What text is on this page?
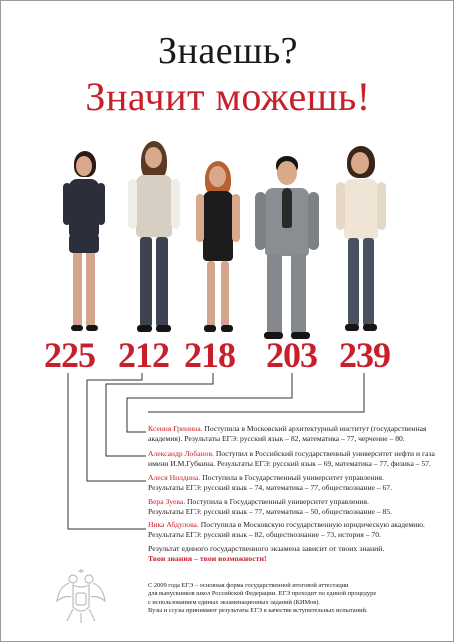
Знаешь?
Значит можешь!
225 212 218 203 239
Ксения Гринина. Поступила в Московский архитектурный институт (государственная
академия). Результаты ЕГЭ: русский язык – 82, математика – 77, черчение – 80.
Александр Лобанов. Поступил в Российский государственный университет нефти и газа
имени И.М.Губкина. Результаты ЕГЭ: русский язык – 69, математика – 77, физика – 57.
Алеся Нилдина. Поступила в Государственный университет управления.
Результаты ЕГЭ: русский язык – 74, математика – 77, обществознание – 67.
Вера Зуева. Поступила в Государственный университет управления.
Результаты ЕГЭ: русский язык – 77, математика – 50, обществознание – 85.
Ника Абдулова. Поступила в Московскую государственную юридическую академию.
Результаты ЕГЭ: русский язык – 82, обществознание – 73, история – 70.
Результат единого государственного экзамена зависит от твоих знаний.
Твои знания – твои возможности!
С 2009 года ЕГЭ – основная форма государственной итоговой аттестации
для выпускников школ Российской Федерации. ЕГЭ проходит по единой процедуре
с использованием единых экзаменационных заданий (КИМов).
Вузы и ссузы принимают результаты ЕГЭ в качестве вступительных испытаний.
